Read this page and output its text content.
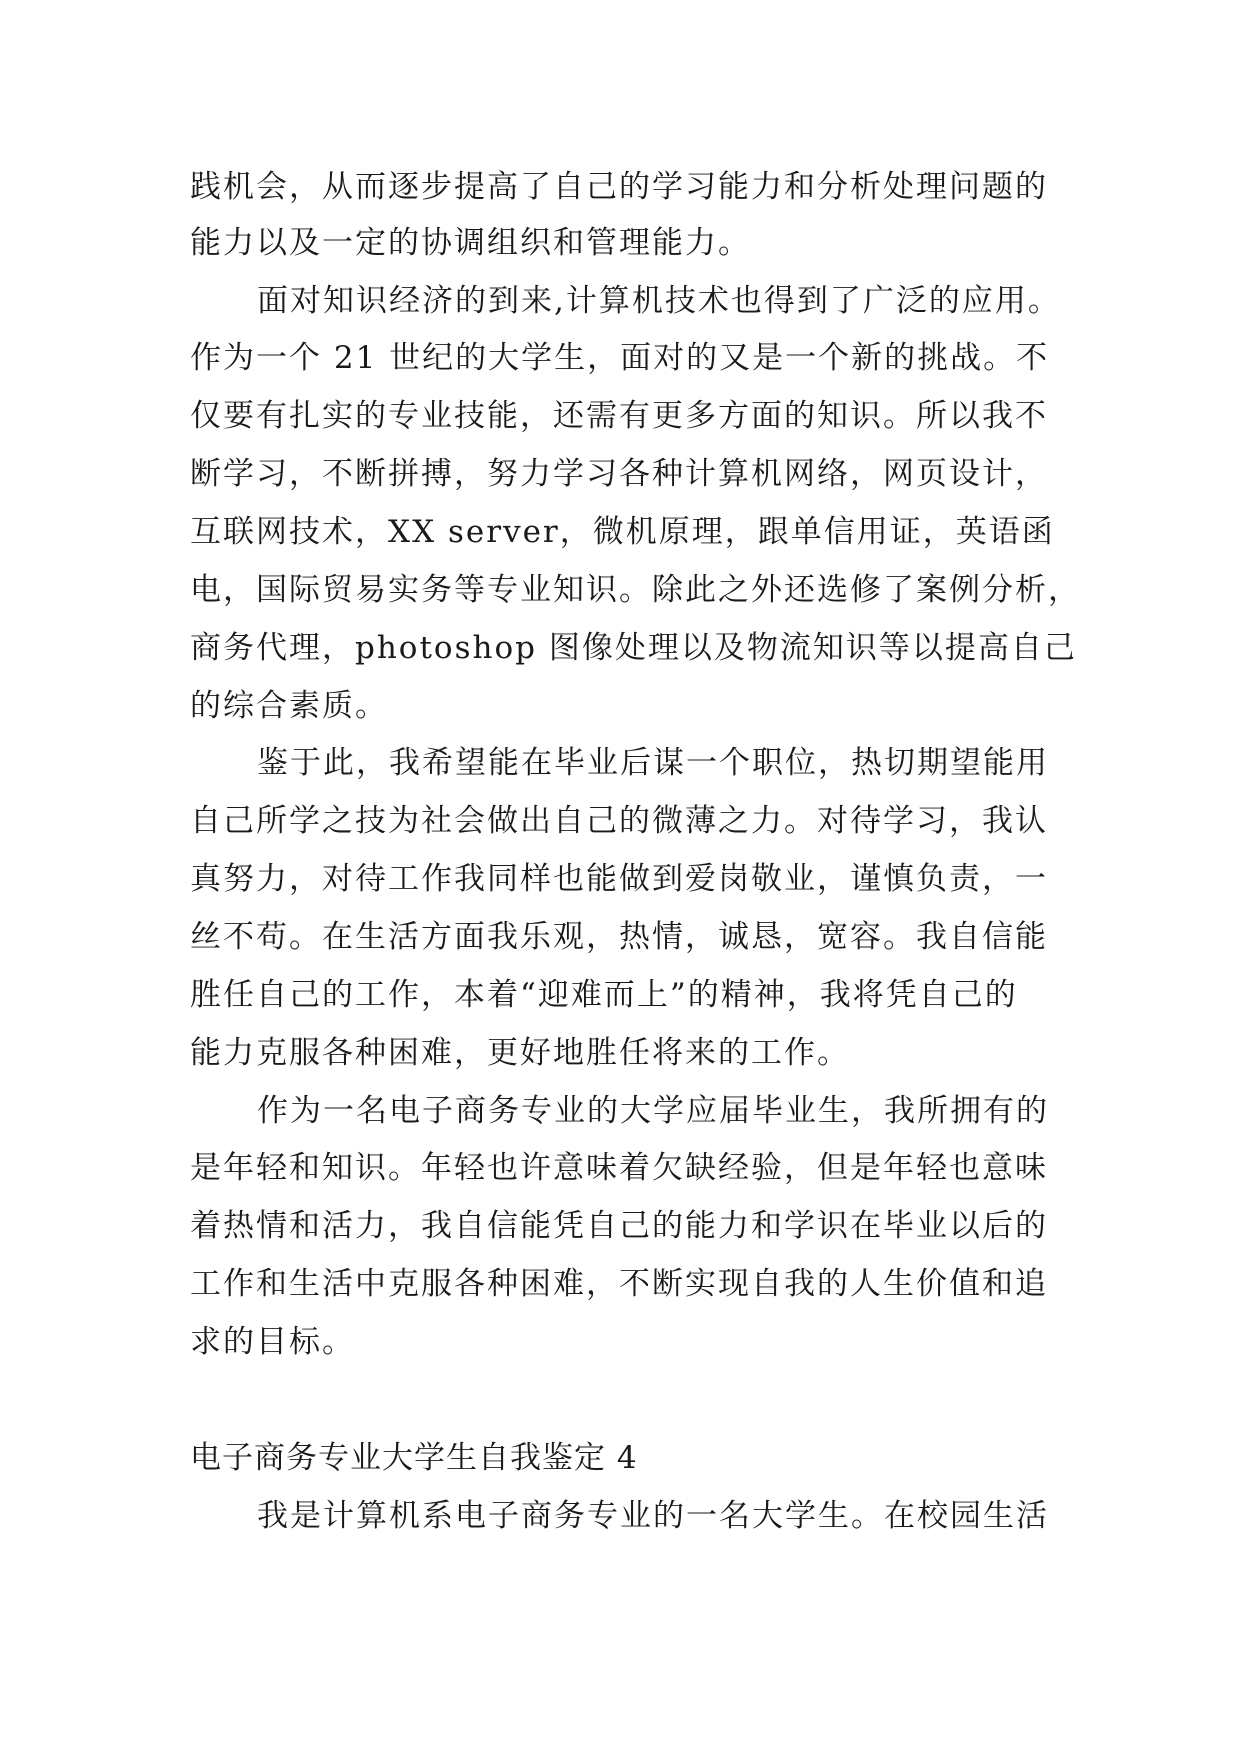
践机会，从而逐步提高了自己的学习能力和分析处理问题的
能力以及一定的协调组织和管理能力。
面对知识经济的到来,计算机技术也得到了广泛的应用。
作为一个 21 世纪的大学生，面对的又是一个新的挑战。不
仅要有扎实的专业技能，还需有更多方面的知识。所以我不
断学习，不断拼搏，努力学习各种计算机网络，网页设计，
互联网技术，XX server，微机原理，跟单信用证，英语函
电，国际贸易实务等专业知识。除此之外还选修了案例分析，
商务代理，photoshop 图像处理以及物流知识等以提高自己
的综合素质。
鉴于此，我希望能在毕业后谋一个职位，热切期望能用
自己所学之技为社会做出自己的微薄之力。对待学习，我认
真努力，对待工作我同样也能做到爱岗敬业，谨慎负责，一
丝不苟。在生活方面我乐观，热情，诚恳，宽容。我自信能
胜任自己的工作，本着“迎难而上”的精神，我将凭自己的
能力克服各种困难，更好地胜任将来的工作。
作为一名电子商务专业的大学应届毕业生，我所拥有的
是年轻和知识。年轻也许意味着欠缺经验，但是年轻也意味
着热情和活力，我自信能凭自己的能力和学识在毕业以后的
工作和生活中克服各种困难，不断实现自我的人生价值和追
求的目标。
电子商务专业大学生自我鉴定 4
我是计算机系电子商务专业的一名大学生。在校园生活
